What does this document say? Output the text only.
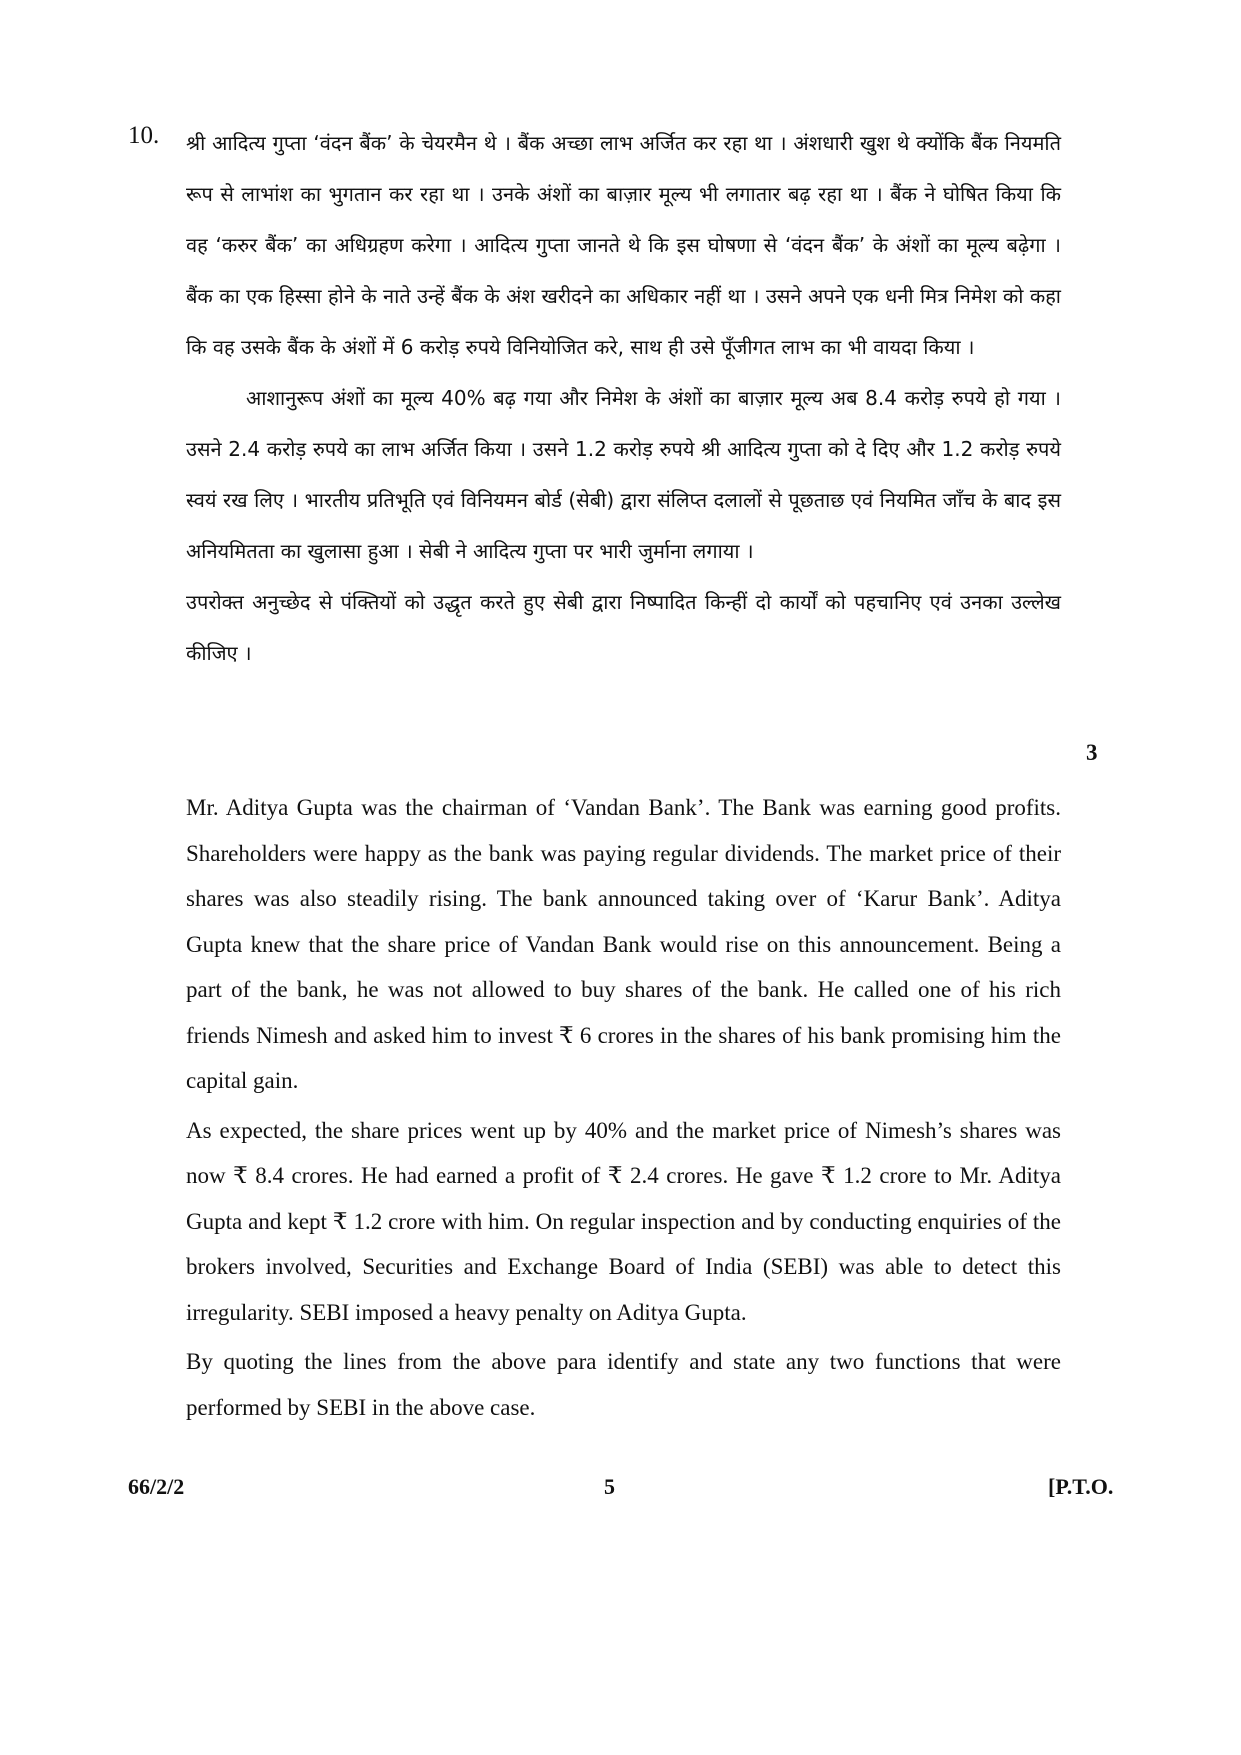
10. श्री आदित्य गुप्ता ‘वंदन बैंक’ के चेयरमैन थे । बैंक अच्छा लाभ अर्जित कर रहा था । अंशधारी खुश थे क्योंकि बैंक नियमति रूप से लाभांश का भुगतान कर रहा था । उनके अंशों का बाज़ार मूल्य भी लगातार बढ़ रहा था । बैंक ने घोषित किया कि वह ‘करुर बैंक’ का अधिग्रहण करेगा । आदित्य गुप्ता जानते थे कि इस घोषणा से ‘वंदन बैंक’ के अंशों का मूल्य बढ़ेगा । बैंक का एक हिस्सा होने के नाते उन्हें बैंक के अंश खरीदने का अधिकार नहीं था । उसने अपने एक धनी मित्र निमेश को कहा कि वह उसके बैंक के अंशों में 6 करोड़ रुपये विनियोजित करे, साथ ही उसे पूँजीगत लाभ का भी वायदा किया ।

आशानुरूप अंशों का मूल्य 40% बढ़ गया और निमेश के अंशों का बाज़ार मूल्य अब 8.4 करोड़ रुपये हो गया । उसने 2.4 करोड़ रुपये का लाभ अर्जित किया । उसने 1.2 करोड़ रुपये श्री आदित्य गुप्ता को दे दिए और 1.2 करोड़ रुपये स्वयं रख लिए । भारतीय प्रतिभूति एवं विनियमन बोर्ड (सेबी) द्वारा संलिप्त दलालों से पूछताछ एवं नियमित जाँच के बाद इस अनियमितता का खुलासा हुआ । सेबी ने आदित्य गुप्ता पर भारी जुर्माना लगाया ।

उपरोक्त अनुच्छेद से पंक्तियों को उद्धृत करते हुए सेबी द्वारा निष्पादित किन्हीं दो कार्यों को पहचानिए एवं उनका उल्लेख कीजिए ।

3

Mr. Aditya Gupta was the chairman of ‘Vandan Bank’. The Bank was earning good profits. Shareholders were happy as the bank was paying regular dividends. The market price of their shares was also steadily rising. The bank announced taking over of ‘Karur Bank’. Aditya Gupta knew that the share price of Vandan Bank would rise on this announcement. Being a part of the bank, he was not allowed to buy shares of the bank. He called one of his rich friends Nimesh and asked him to invest ₹ 6 crores in the shares of his bank promising him the capital gain.

As expected, the share prices went up by 40% and the market price of Nimesh’s shares was now ₹ 8.4 crores. He had earned a profit of ₹ 2.4 crores. He gave ₹ 1.2 crore to Mr. Aditya Gupta and kept ₹ 1.2 crore with him. On regular inspection and by conducting enquiries of the brokers involved, Securities and Exchange Board of India (SEBI) was able to detect this irregularity. SEBI imposed a heavy penalty on Aditya Gupta.

By quoting the lines from the above para identify and state any two functions that were performed by SEBI in the above case.

66/2/2	5	[P.T.O.
